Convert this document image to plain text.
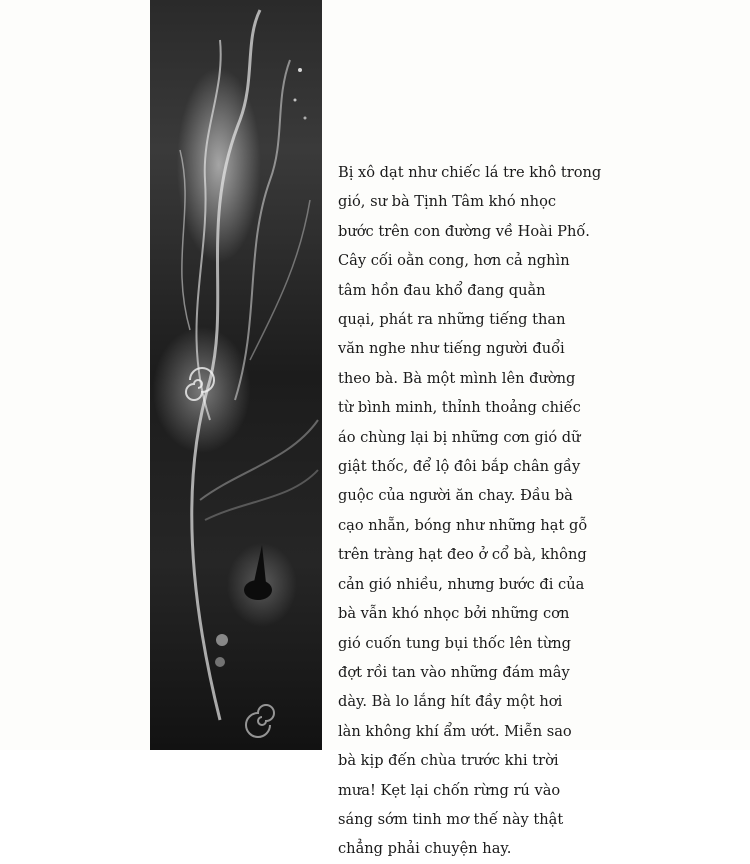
Bị xô dạt như chiếc lá tre khô trong
gió, sư bà Tịnh Tâm khó nhọc
bước trên con đường về Hoài Phố.
Cây cối oằn cong, hơn cả nghìn
tâm hồn đau khổ đang quằn
quại, phát ra những tiếng than
văn nghe như tiếng người đuổi
theo bà. Bà một mình lên đường
từ bình minh, thỉnh thoảng chiếc
áo chùng lại bị những cơn gió dữ
giật thốc, để lộ đôi bắp chân gầy
guộc của người ăn chay. Đầu bà
cạo nhẵn, bóng như những hạt gỗ
trên tràng hạt đeo ở cổ bà, không
cản gió nhiều, nhưng bước đi của
bà vẫn khó nhọc bởi những cơn
gió cuốn tung bụi thốc lên từng
đợt rồi tan vào những đám mây
dày. Bà lo lắng hít đầy một hơi
làn không khí ẩm ướt. Miễn sao
bà kịp đến chùa trước khi trời
mưa! Kẹt lại chốn rừng rú vào
sáng sớm tinh mơ thế này thật
chẳng phải chuyện hay.
